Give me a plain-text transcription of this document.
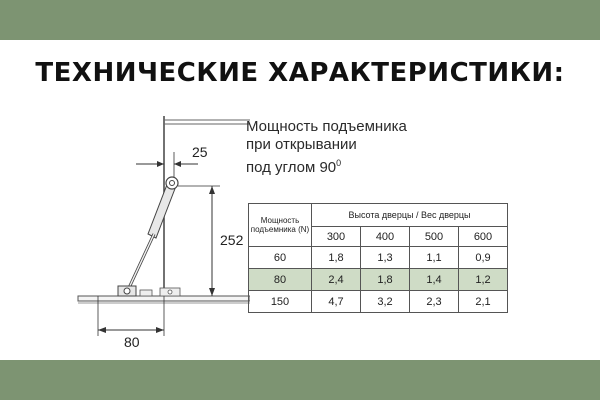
ТЕХНИЧЕСКИЕ ХАРАКТЕРИСТИКИ:
25
252
80
Мощность подъемника
при открывании
под углом $90^0$
Мощность подъемника (N)	Высота дверцы / Вес дверцы			
	300	400	500	600
60	1,8	1,3	1,1	0,9
80	2,4	1,8	1,4	1,2
150	4,7	3,2	2,3	2,1
